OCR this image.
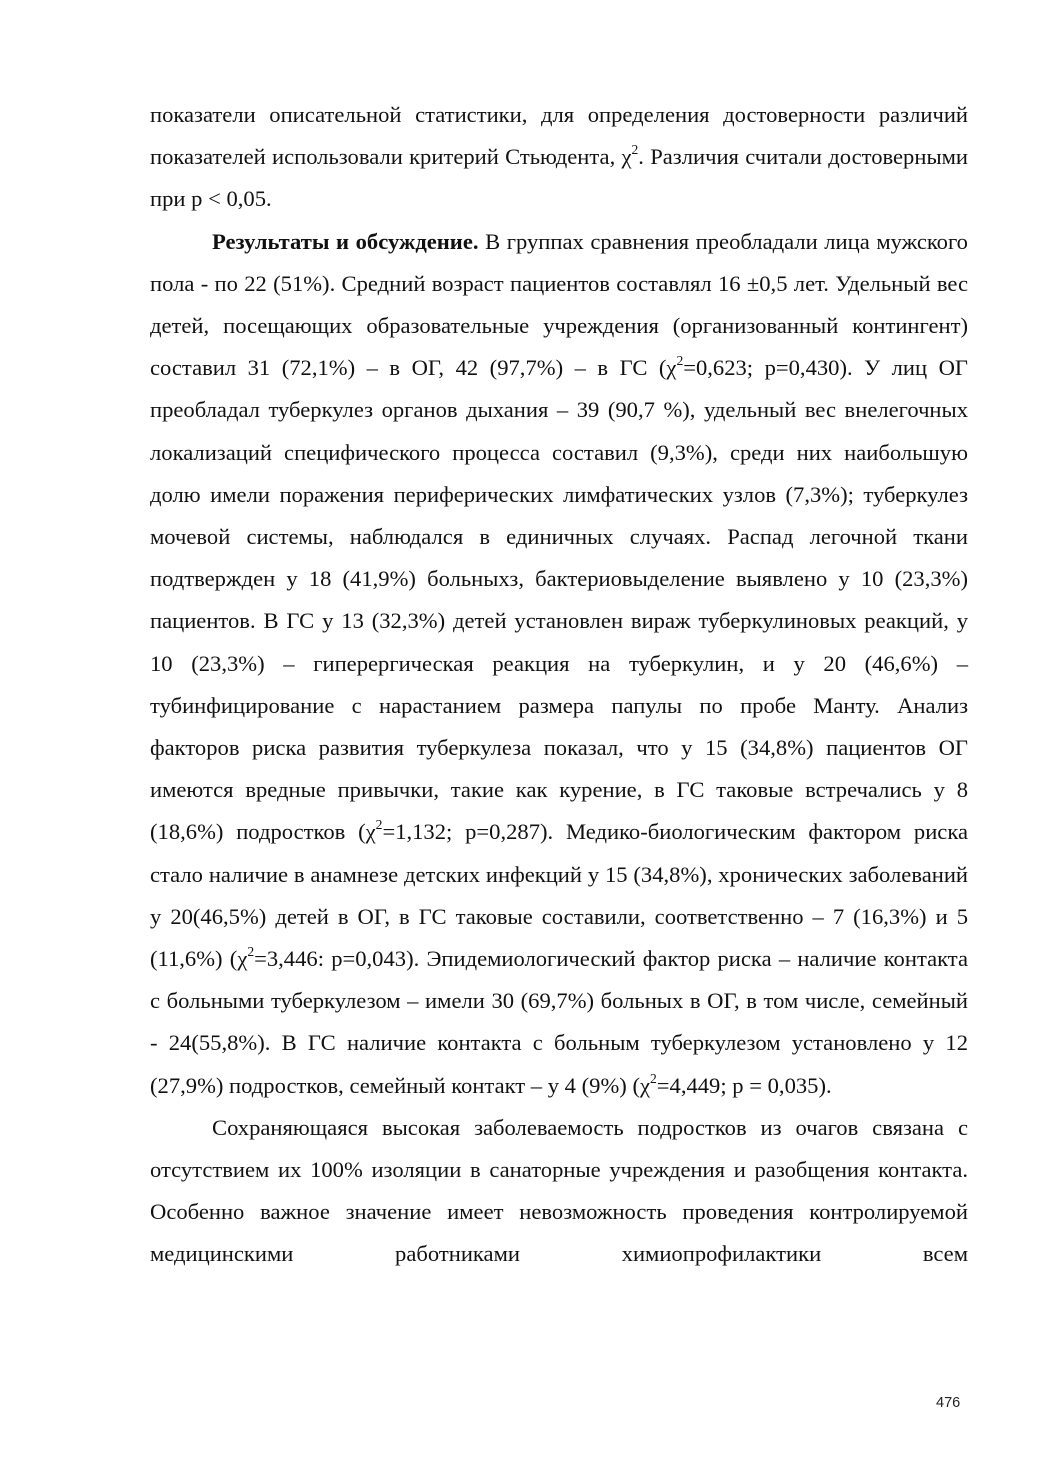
показатели описательной статистики, для определения достоверности различий показателей использовали критерий Стьюдента, $\chi^2$. Различия считали достоверными при p < 0,05.

Результаты и обсуждение. В группах сравнения преобладали лица мужского пола - по 22 (51%). Средний возраст пациентов составлял 16 ±0,5 лет. Удельный вес детей, посещающих образовательные учреждения (организованный контингент) составил 31 (72,1%) – в ОГ, 42 (97,7%) – в ГС ($\chi^2=0,623$; p=0,430). У лиц ОГ преобладал туберкулез органов дыхания – 39 (90,7 %), удельный вес внелегочных локализаций специфического процесса составил (9,3%), среди них наибольшую долю имели поражения периферических лимфатических узлов (7,3%); туберкулез мочевой системы, наблюдался в единичных случаях. Распад легочной ткани подтвержден у 18 (41,9%) больныхз, бактериовыделение выявлено у 10 (23,3%) пациентов. В ГС у 13 (32,3%) детей установлен вираж туберкулиновых реакций, у 10 (23,3%) – гиперергическая реакция на туберкулин, и у 20 (46,6%) – тубинфицирование с нарастанием размера папулы по пробе Манту. Анализ факторов риска развития туберкулеза показал, что у 15 (34,8%) пациентов ОГ имеются вредные привычки, такие как курение, в ГС таковые встречались у 8 (18,6%) подростков ($\chi^2=1,132$; p=0,287). Медико-биологическим фактором риска стало наличие в анамнезе детских инфекций у 15 (34,8%), хронических заболеваний у 20(46,5%) детей в ОГ, в ГС таковые составили, соответственно – 7 (16,3%) и 5 (11,6%) ($\chi^2=3,446$: p=0,043). Эпидемиологический фактор риска – наличие контакта с больными туберкулезом – имели 30 (69,7%) больных в ОГ, в том числе, семейный - 24(55,8%). В ГС наличие контакта с больным туберкулезом установлено у 12 (27,9%) подростков, семейный контакт – у 4 (9%) ($\chi^2=4,449$; p = 0,035).

Сохраняющаяся высокая заболеваемость подростков из очагов связана с отсутствием их 100% изоляции в санаторные учреждения и разобщения контакта. Особенно важное значение имеет невозможность проведения контролируемой медицинскими работниками химиопрофилактики всем

476
